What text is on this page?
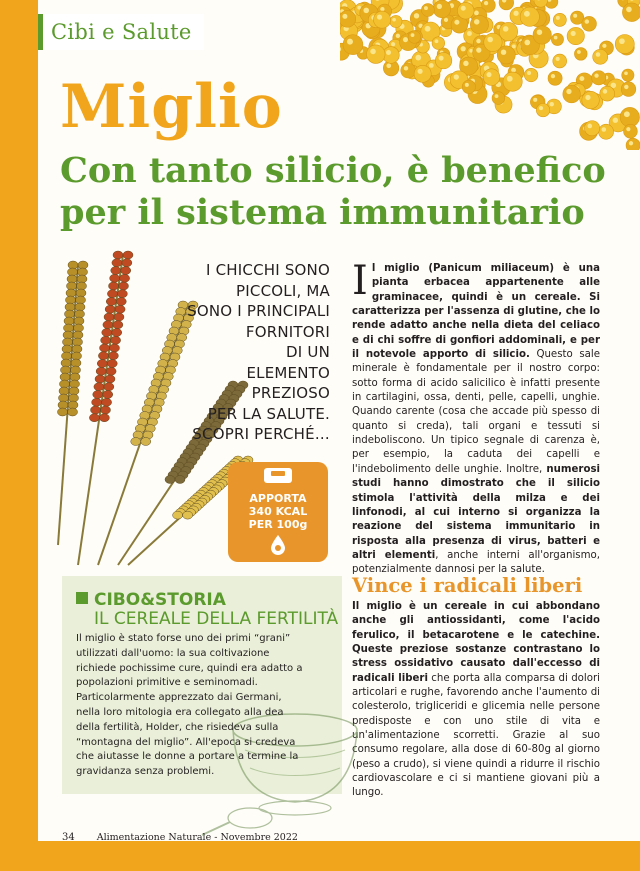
Cibi e Salute
Miglio
Con tanto silicio, è benefico per il sistema immunitario
I CHICCHI SONO
PICCOLI, MA
SONO I PRINCIPALI
FORNITORI
DI UN
ELEMENTO
PREZIOSO
PER LA SALUTE.
SCOPRI PERCHÉ…
APPORTA
340 KCAL
PER 100g
Il miglio (Panicum miliaceum) è una pianta erbacea appartenente alle graminacee, quindi è un cereale. Si caratterizza per l'assenza di glutine, che lo rende adatto anche nella dieta del celiaco e di chi soffre di gonfiori addominali, e per il notevole apporto di silicio. Questo sale minerale è fondamentale per il nostro corpo: sotto forma di acido salicilico è infatti presente in cartilagini, ossa, denti, pelle, capelli, unghie. Quando carente (cosa che accade più spesso di quanto si creda), tali organi e tessuti si indeboliscono. Un tipico segnale di carenza è, per esempio, la caduta dei capelli e l'indebolimento delle unghie. Inoltre, numerosi studi hanno dimostrato che il silicio stimola l'attività della milza e dei linfonodi, al cui interno si organizza la reazione del sistema immunitario in risposta alla presenza di virus, batteri e altri elementi, anche interni all'organismo, potenzialmente dannosi per la salute.
Vince i radicali liberi
Il miglio è un cereale in cui abbondano anche gli antiossidanti, come l'acido ferulico, il betacarotene e le catechine. Queste preziose sostanze contrastano lo stress ossidativo causato dall'eccesso di radicali liberi che porta alla comparsa di dolori articolari e rughe, favorendo anche l'aumento di colesterolo, trigliceridi e glicemia nelle persone predisposte e con uno stile di vita e un'alimentazione scorretti. Grazie al suo consumo regolare, alla dose di 60-80g al giorno (peso a crudo), si viene quindi a ridurre il rischio cardiovascolare e ci si mantiene giovani più a lungo.
CIBO&STORIA
IL CEREALE DELLA FERTILITÀ
Il miglio è stato forse uno dei primi “grani” utilizzati dall'uomo: la sua coltivazione richiede pochissime cure, quindi era adatto a popolazioni primitive e seminomadi. Particolarmente apprezzato dai Germani, nella loro mitologia era collegato alla dea della fertilità, Holder, che risiedeva sulla “montagna del miglio”. All'epoca si credeva che aiutasse le donne a portare a termine la gravidanza senza problemi.
34 Alimentazione Naturale - Novembre 2022
